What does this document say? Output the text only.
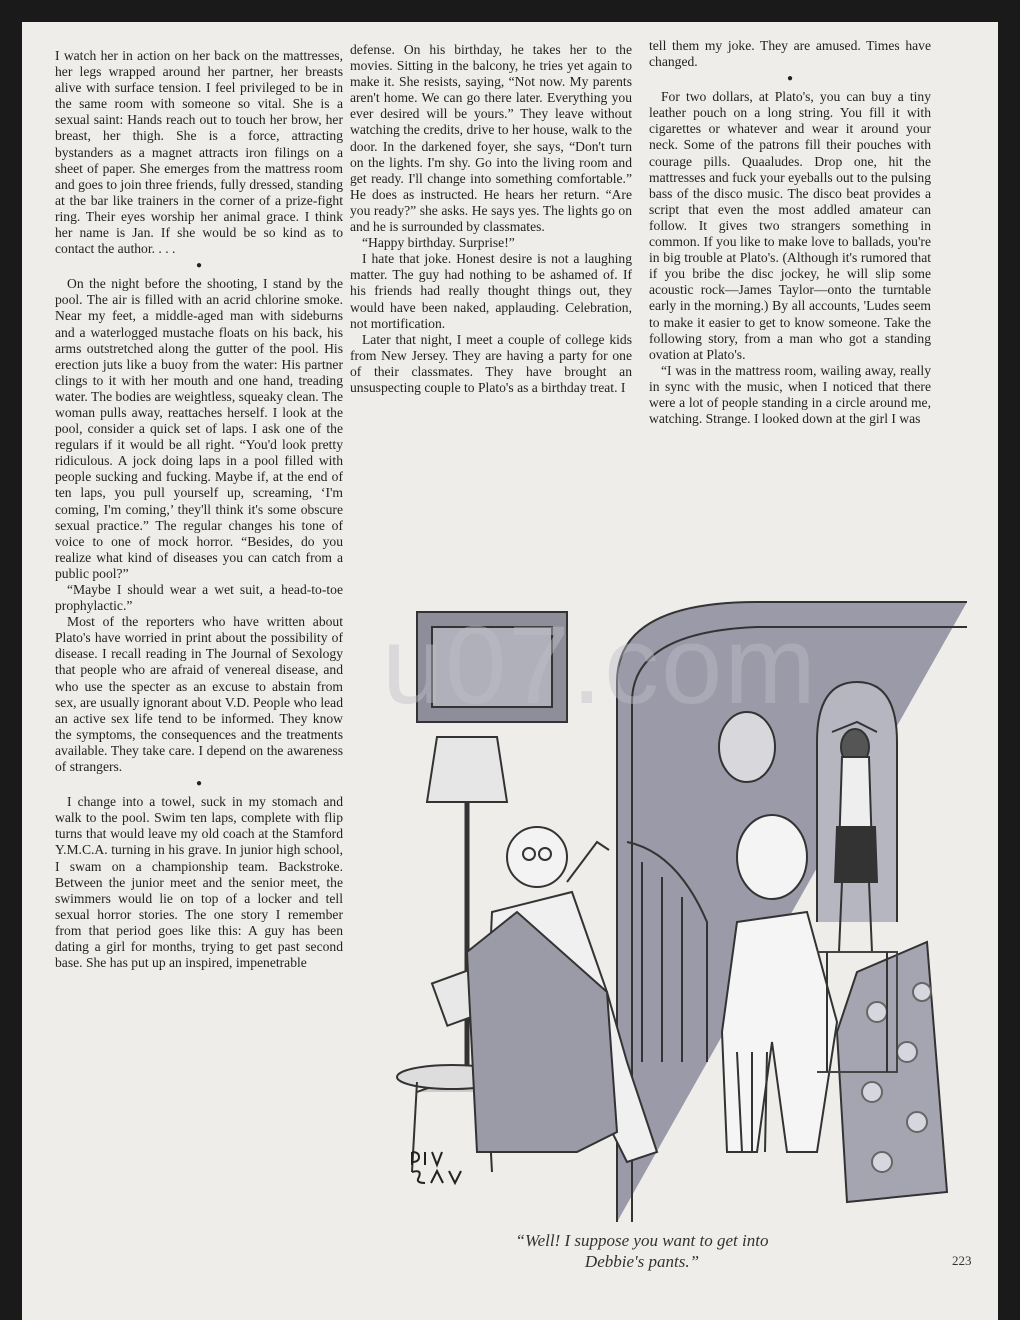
I watch her in action on her back on the mattresses, her legs wrapped around her partner, her breasts alive with surface tension. I feel privileged to be in the same room with someone so vital. She is a sexual saint: Hands reach out to touch her brow, her breast, her thigh. She is a force, attracting bystanders as a magnet attracts iron filings on a sheet of paper. She emerges from the mattress room and goes to join three friends, fully dressed, standing at the bar like trainers in the corner of a prize-fight ring. Their eyes worship her animal grace. I think her name is Jan. If she would be so kind as to contact the author. . . .

●

On the night before the shooting, I stand by the pool. The air is filled with an acrid chlorine smoke. Near my feet, a middle-aged man with sideburns and a waterlogged mustache floats on his back, his arms outstretched along the gutter of the pool. His erection juts like a buoy from the water: His partner clings to it with her mouth and one hand, treading water. The bodies are weightless, squeaky clean. The woman pulls away, reattaches herself. I look at the pool, consider a quick set of laps. I ask one of the regulars if it would be all right. “You'd look pretty ridiculous. A jock doing laps in a pool filled with people sucking and fucking. Maybe if, at the end of ten laps, you pull yourself up, screaming, ‘I'm coming, I'm coming,’ they'll think it's some obscure sexual practice.” The regular changes his tone of voice to one of mock horror. “Besides, do you realize what kind of diseases you can catch from a public pool?”

“Maybe I should wear a wet suit, a head-to-toe prophylactic.”

Most of the reporters who have written about Plato's have worried in print about the possibility of disease. I recall reading in The Journal of Sexology that people who are afraid of venereal disease, and who use the specter as an excuse to abstain from sex, are usually ignorant about V.D. People who lead an active sex life tend to be informed. They know the symptoms, the consequences and the treatments available. They take care. I depend on the awareness of strangers.

●

I change into a towel, suck in my stomach and walk to the pool. Swim ten laps, complete with flip turns that would leave my old coach at the Stamford Y.M.C.A. turning in his grave. In junior high school, I swam on a championship team. Backstroke. Between the junior meet and the senior meet, the swimmers would lie on top of a locker and tell sexual horror stories. The one story I remember from that period goes like this: A guy has been dating a girl for months, trying to get past second base. She has put up an inspired, impenetrable

defense. On his birthday, he takes her to the movies. Sitting in the balcony, he tries yet again to make it. She resists, saying, “Not now. My parents aren't home. We can go there later. Everything you ever desired will be yours.” They leave without watching the credits, drive to her house, walk to the door. In the darkened foyer, she says, “Don't turn on the lights. I'm shy. Go into the living room and get ready. I'll change into something comfortable.” He does as instructed. He hears her return. “Are you ready?” she asks. He says yes. The lights go on and he is surrounded by classmates.

“Happy birthday. Surprise!”

I hate that joke. Honest desire is not a laughing matter. The guy had nothing to be ashamed of. If his friends had really thought things out, they would have been naked, applauding. Celebration, not mortification.

Later that night, I meet a couple of college kids from New Jersey. They are having a party for one of their classmates. They have brought an unsuspecting couple to Plato's as a birthday treat. I

tell them my joke. They are amused. Times have changed.

●

For two dollars, at Plato's, you can buy a tiny leather pouch on a long string. You fill it with cigarettes or whatever and wear it around your neck. Some of the patrons fill their pouches with courage pills. Quaaludes. Drop one, hit the mattresses and fuck your eyeballs out to the pulsing bass of the disco music. The disco beat provides a script that even the most addled amateur can follow. It gives two strangers something in common. If you like to make love to ballads, you're in big trouble at Plato's. (Although it's rumored that if you bribe the disc jockey, he will slip some acoustic rock—James Taylor—onto the turntable early in the morning.) By all accounts, 'Ludes seem to make it easier to get to know someone. Take the following story, from a man who got a standing ovation at Plato's.

“I was in the mattress room, wailing away, really in sync with the music, when I noticed that there were a lot of people standing in a circle around me, watching. Strange. I looked down at the girl I was

u07.com
“Well! I suppose you want to get into Debbie's pants.”	223
